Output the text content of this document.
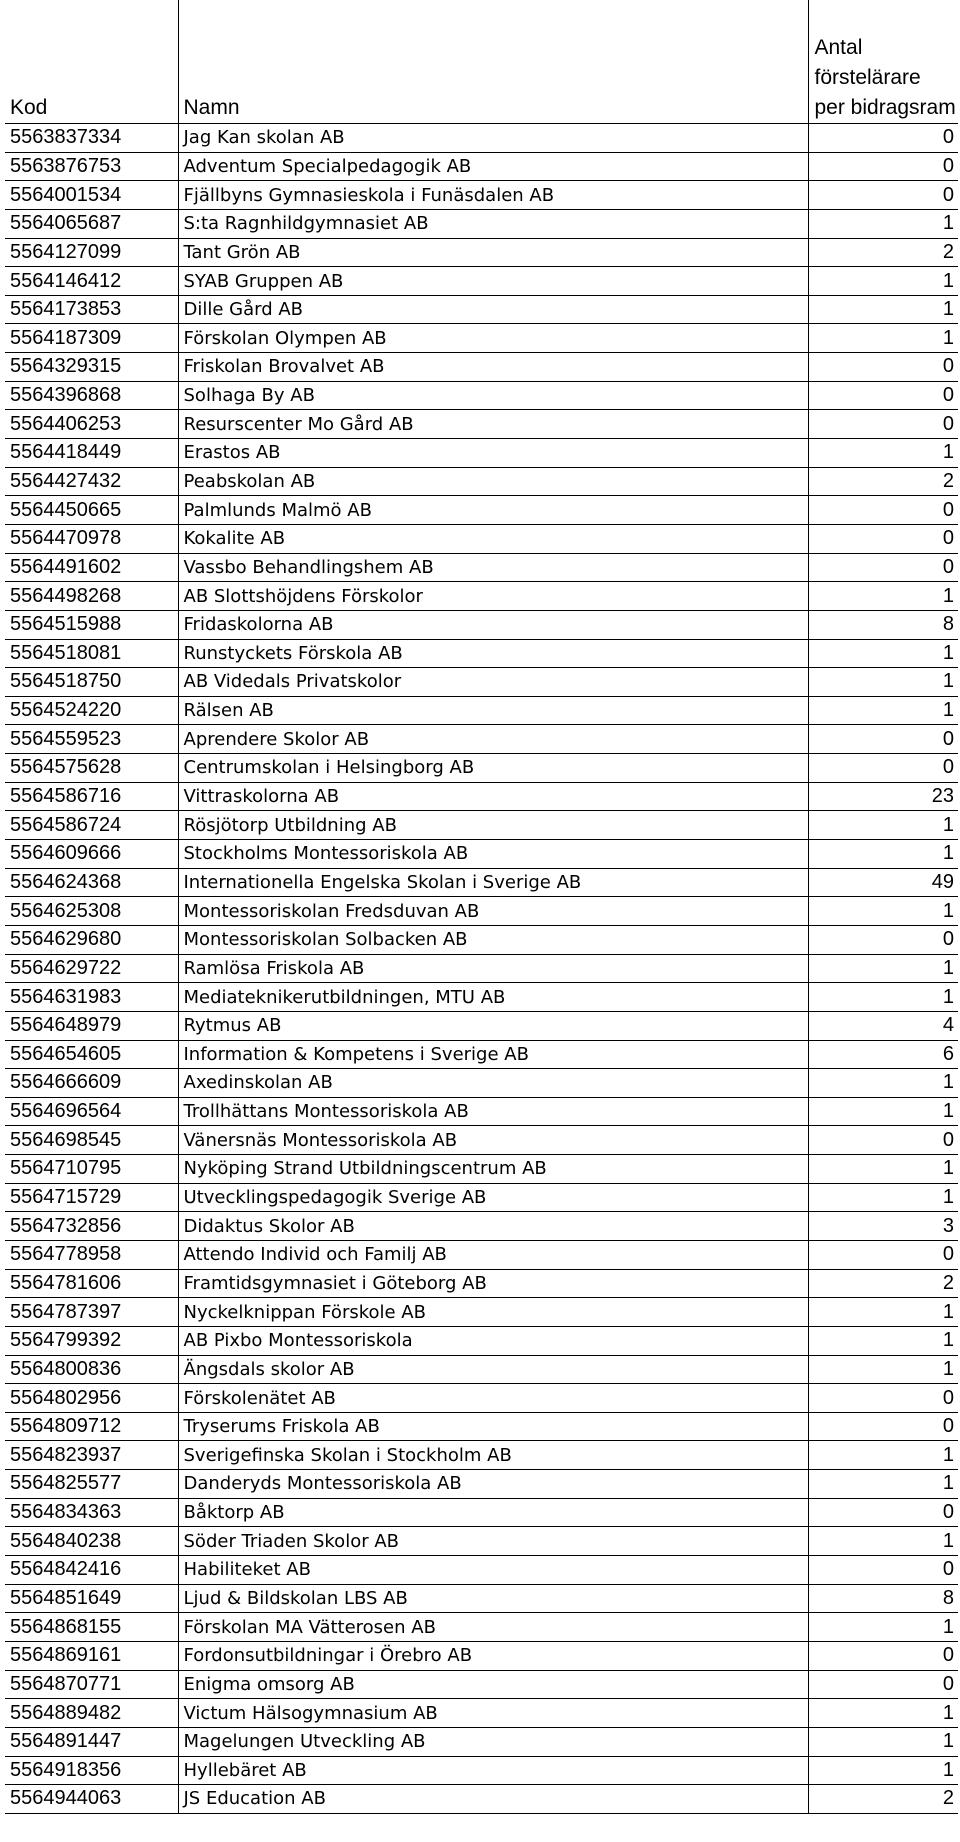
Kod	Namn	Antal
förstelärare
per bidragsram

5563837334	Jag Kan skolan AB	0
5563876753	Adventum Specialpedagogik AB	0
5564001534	Fjällbyns Gymnasieskola i Funäsdalen AB	0
5564065687	S:ta Ragnhildgymnasiet AB	1
5564127099	Tant Grön AB	2
5564146412	SYAB Gruppen AB	1
5564173853	Dille Gård AB	1
5564187309	Förskolan Olympen AB	1
5564329315	Friskolan Brovalvet AB	0
5564396868	Solhaga By AB	0
5564406253	Resurscenter Mo Gård AB	0
5564418449	Erastos AB	1
5564427432	Peabskolan AB	2
5564450665	Palmlunds Malmö AB	0
5564470978	Kokalite AB	0
5564491602	Vassbo Behandlingshem AB	0
5564498268	AB Slottshöjdens Förskolor	1
5564515988	Fridaskolorna AB	8
5564518081	Runstyckets Förskola AB	1
5564518750	AB Videdals Privatskolor	1
5564524220	Rälsen AB	1
5564559523	Aprendere Skolor AB	0
5564575628	Centrumskolan i Helsingborg AB	0
5564586716	Vittraskolorna AB	23
5564586724	Rösjötorp Utbildning AB	1
5564609666	Stockholms Montessoriskola AB	1
5564624368	Internationella Engelska Skolan i Sverige AB	49
5564625308	Montessoriskolan Fredsduvan AB	1
5564629680	Montessoriskolan Solbacken AB	0
5564629722	Ramlösa Friskola AB	1
5564631983	Mediateknikerutbildningen, MTU AB	1
5564648979	Rytmus AB	4
5564654605	Information & Kompetens i Sverige AB	6
5564666609	Axedinskolan AB	1
5564696564	Trollhättans Montessoriskola AB	1
5564698545	Vänersnäs Montessoriskola AB	0
5564710795	Nyköping Strand Utbildningscentrum AB	1
5564715729	Utvecklingspedagogik Sverige AB	1
5564732856	Didaktus Skolor AB	3
5564778958	Attendo Individ och Familj AB	0
5564781606	Framtidsgymnasiet i Göteborg AB	2
5564787397	Nyckelknippan Förskole AB	1
5564799392	AB Pixbo Montessoriskola	1
5564800836	Ängsdals skolor AB	1
5564802956	Förskolenätet AB	0
5564809712	Tryserums Friskola AB	0
5564823937	Sverigefinska Skolan i Stockholm AB	1
5564825577	Danderyds Montessoriskola AB	1
5564834363	Båktorp AB	0
5564840238	Söder Triaden Skolor AB	1
5564842416	Habiliteket AB	0
5564851649	Ljud & Bildskolan LBS AB	8
5564868155	Förskolan MA Vätterosen AB	1
5564869161	Fordonsutbildningar i Örebro AB	0
5564870771	Enigma omsorg AB	0
5564889482	Victum Hälsogymnasium AB	1
5564891447	Magelungen Utveckling AB	1
5564918356	Hyllebäret AB	1
5564944063	JS Education AB	2
